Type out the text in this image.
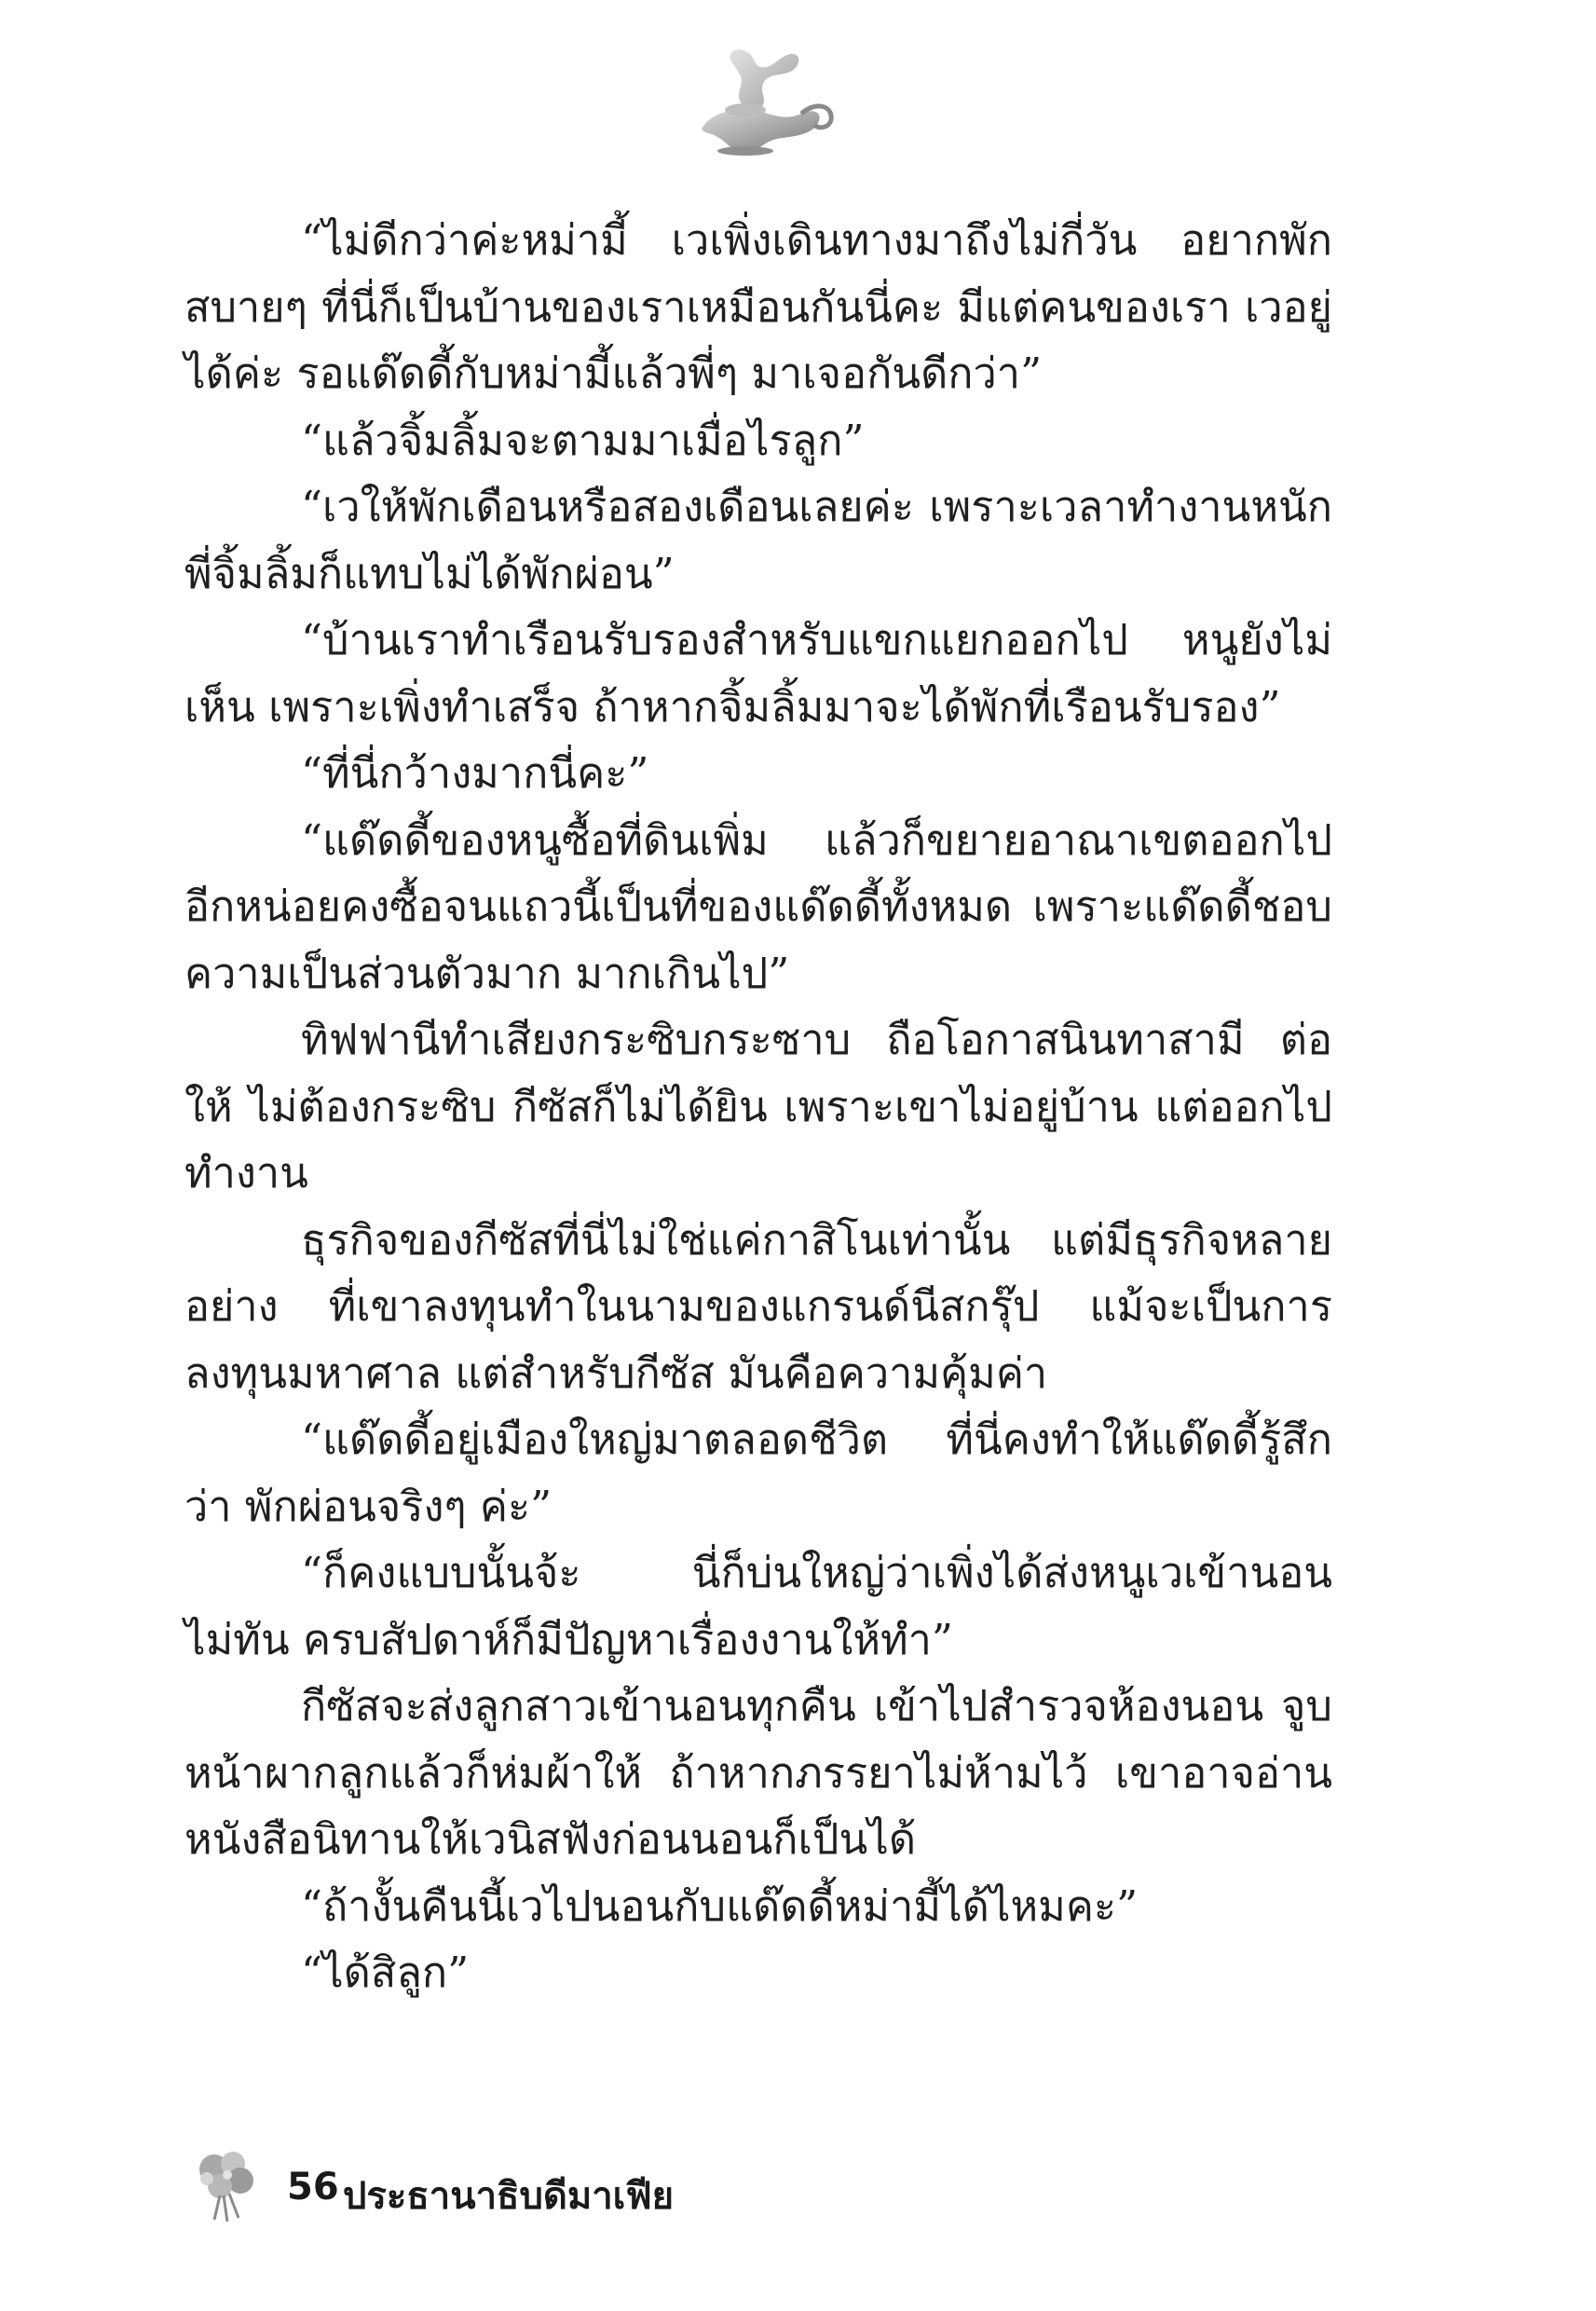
“ไม่ดีกว่าค่ะหม่ามี้ เวเพิ่งเดินทางมาถึงไม่กี่วัน อยากพักสบายๆ ที่นี่ก็เป็นบ้านของเราเหมือนกันนี่คะ มีแต่คนของเรา เวอยู่ได้ค่ะ รอแด๊ดดี้กับหม่ามี้แล้วพี่ๆ มาเจอกันดีกว่า”

“แล้วจิ้มลิ้มจะตามมาเมื่อไรลูก”

“เวให้พักเดือนหรือสองเดือนเลยค่ะ เพราะเวลาทำงานหนัก พี่จิ้มลิ้มก็แทบไม่ได้พักผ่อน”

“บ้านเราทำเรือนรับรองสำหรับแขกแยกออกไป หนูยังไม่เห็น เพราะเพิ่งทำเสร็จ ถ้าหากจิ้มลิ้มมาจะได้พักที่เรือนรับรอง”

“ที่นี่กว้างมากนี่คะ”

“แด๊ดดี้ของหนูซื้อที่ดินเพิ่ม แล้วก็ขยายอาณาเขตออกไป อีกหน่อยคงซื้อจนแถวนี้เป็นที่ของแด๊ดดี้ทั้งหมด เพราะแด๊ดดี้ชอบ ความเป็นส่วนตัวมาก มากเกินไป”

ทิฟฟานีทำเสียงกระซิบกระซาบ ถือโอกาสนินทาสามี ต่อให้ ไม่ต้องกระซิบ กีซัสก็ไม่ได้ยิน เพราะเขาไม่อยู่บ้าน แต่ออกไปทำงาน

ธุรกิจของกีซัสที่นี่ไม่ใช่แค่กาสิโนเท่านั้น แต่มีธุรกิจหลายอย่าง ที่เขาลงทุนทำในนามของแกรนด์นีสกรุ๊ป แม้จะเป็นการลงทุนมหาศาล แต่สำหรับกีซัส มันคือความคุ้มค่า

“แด๊ดดี้อยู่เมืองใหญ่มาตลอดชีวิต ที่นี่คงทำให้แด๊ดดี้รู้สึกว่า พักผ่อนจริงๆ ค่ะ”

“ก็คงแบบนั้นจ้ะ นี่ก็บ่นใหญ่ว่าเพิ่งได้ส่งหนูเวเข้านอนไม่ทัน ครบสัปดาห์ก็มีปัญหาเรื่องงานให้ทำ”

กีซัสจะส่งลูกสาวเข้านอนทุกคืน เข้าไปสำรวจห้องนอน จูบหน้าผากลูกแล้วก็ห่มผ้าให้ ถ้าหากภรรยาไม่ห้ามไว้ เขาอาจอ่าน หนังสือนิทานให้เวนิสฟังก่อนนอนก็เป็นได้

“ถ้างั้นคืนนี้เวไปนอนกับแด๊ดดี้หม่ามี้ได้ไหมคะ”

“ได้สิลูก”

56 ประธานาธิบดีมาเฟีย
